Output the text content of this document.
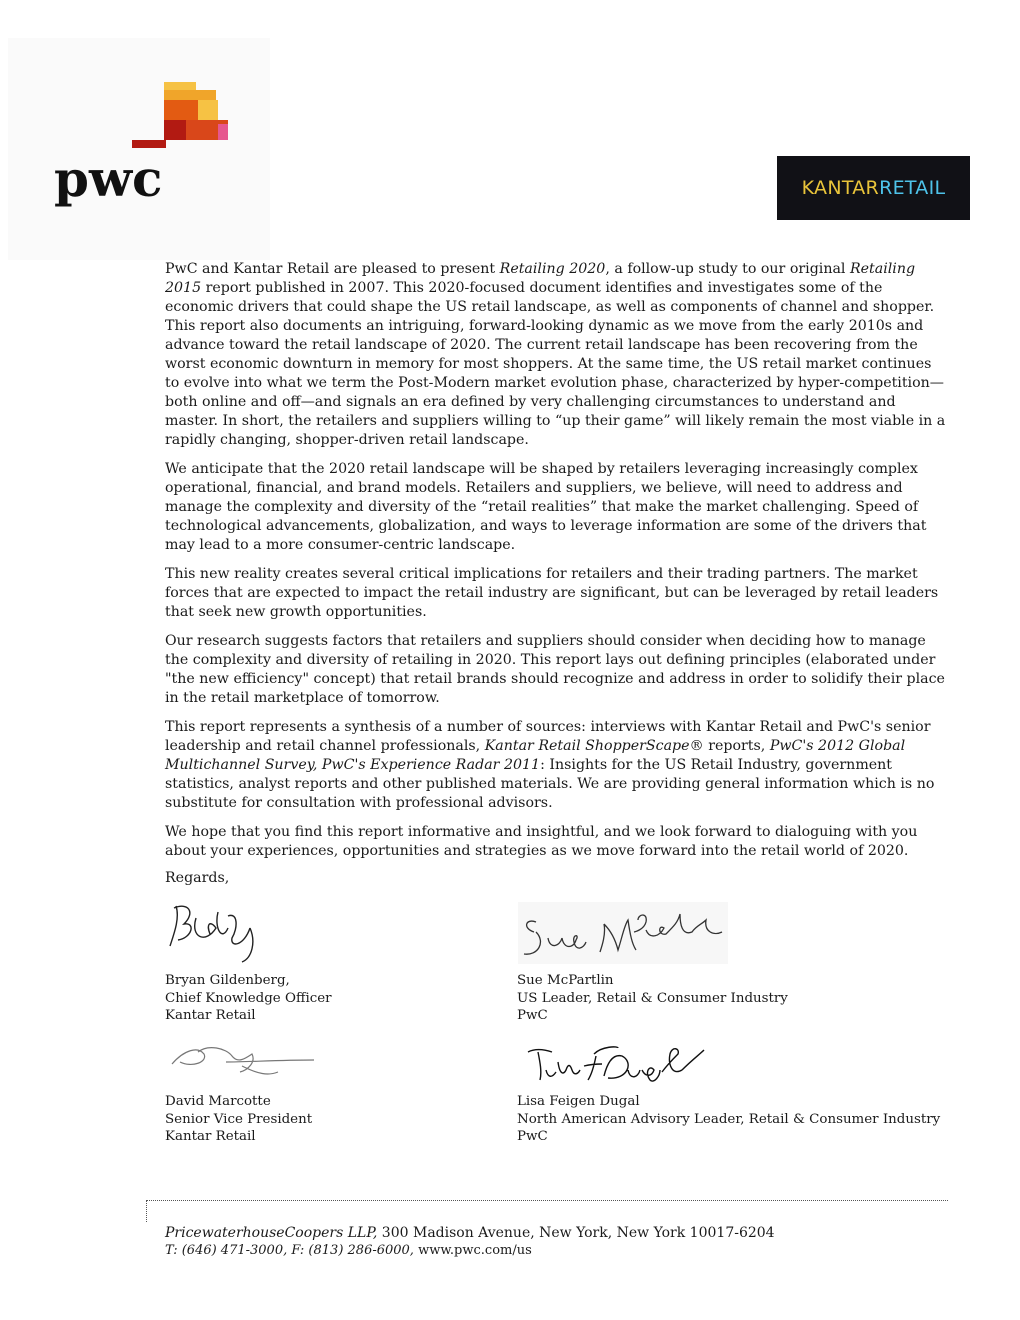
pwc	KANTAR RETAIL

PwC and Kantar Retail are pleased to present Retailing 2020, a follow-up study to our original Retailing 2015 report published in 2007. This 2020-focused document identifies and investigates some of the economic drivers that could shape the US retail landscape, as well as components of channel and shopper. This report also documents an intriguing, forward-looking dynamic as we move from the early 2010s and advance toward the retail landscape of 2020. The current retail landscape has been recovering from the worst economic downturn in memory for most shoppers. At the same time, the US retail market continues to evolve into what we term the Post-Modern market evolution phase, characterized by hyper-competition—both online and off—and signals an era defined by very challenging circumstances to understand and master. In short, the retailers and suppliers willing to “up their game” will likely remain the most viable in a rapidly changing, shopper-driven retail landscape.

We anticipate that the 2020 retail landscape will be shaped by retailers leveraging increasingly complex operational, financial, and brand models. Retailers and suppliers, we believe, will need to address and manage the complexity and diversity of the “retail realities” that make the market challenging. Speed of technological advancements, globalization, and ways to leverage information are some of the drivers that may lead to a more consumer-centric landscape.

This new reality creates several critical implications for retailers and their trading partners. The market forces that are expected to impact the retail industry are significant, but can be leveraged by retail leaders that seek new growth opportunities.

Our research suggests factors that retailers and suppliers should consider when deciding how to manage the complexity and diversity of retailing in 2020. This report lays out defining principles (elaborated under "the new efficiency" concept) that retail brands should recognize and address in order to solidify their place in the retail marketplace of tomorrow.

This report represents a synthesis of a number of sources: interviews with Kantar Retail and PwC's senior leadership and retail channel professionals, Kantar Retail ShopperScape® reports, PwC's 2012 Global Multichannel Survey, PwC's Experience Radar 2011: Insights for the US Retail Industry, government statistics, analyst reports and other published materials. We are providing general information which is no substitute for consultation with professional advisors.

We hope that you find this report informative and insightful, and we look forward to dialoguing with you about your experiences, opportunities and strategies as we move forward into the retail world of 2020.

Regards,
Bryan Gildenberg,
Chief Knowledge Officer
Kantar Retail
Sue McPartlin
US Leader, Retail & Consumer Industry
PwC
David Marcotte
Senior Vice President
Kantar Retail
Lisa Feigen Dugal
North American Advisory Leader, Retail & Consumer Industry
PwC
PricewaterhouseCoopers LLP, 300 Madison Avenue, New York, New York 10017-6204
T: (646) 471-3000, F: (813) 286-6000, www.pwc.com/us
